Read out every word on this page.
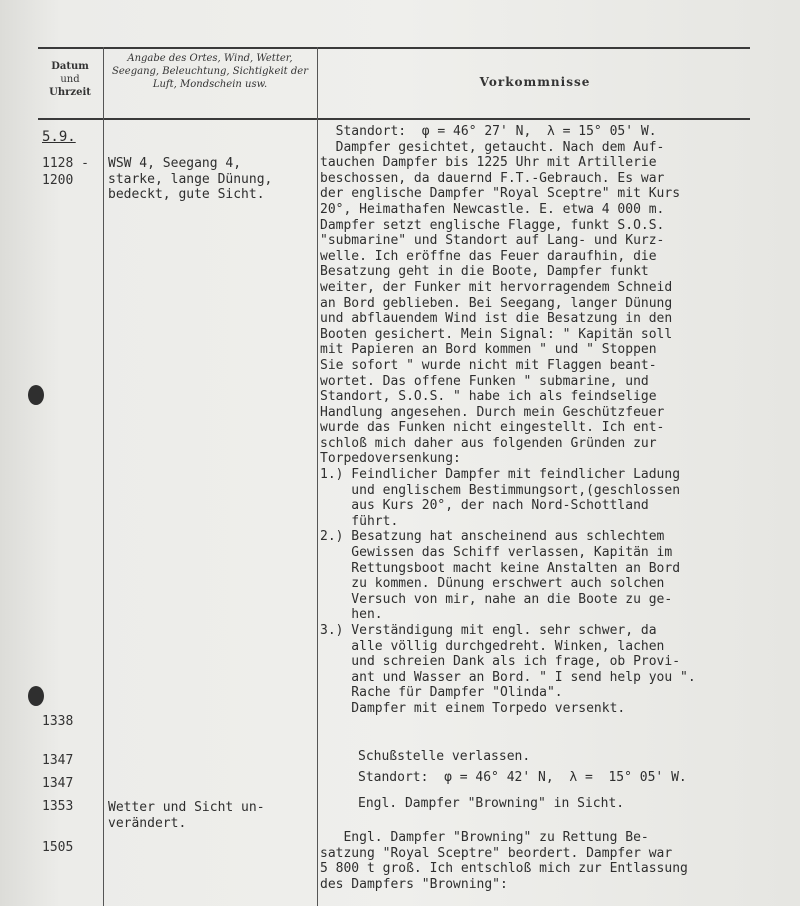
Datum
und
Uhrzeit
Angabe des Ortes, Wind, Wetter, Seegang, Beleuchtung, Sichtigkeit der Luft, Mondschein usw.	Vorkommnisse
5.9.
1128 -
1200
1338
1347
1347
1353
1505
WSW 4, Seegang 4,
starke, lange Dünung,
bedeckt, gute Sicht.
Wetter und Sicht un-
verändert.
Standort:  φ = 46° 27' N,  λ = 15° 05' W.
Dampfer gesichtet, getaucht. Nach dem Auf-
tauchen Dampfer bis 1225 Uhr mit Artillerie
beschossen, da dauernd F.T.-Gebrauch. Es war
der englische Dampfer "Royal Sceptre" mit Kurs
20°, Heimathafen Newcastle. E. etwa 4 000 m.
Dampfer setzt englische Flagge, funkt S.O.S.
"submarine" und Standort auf Lang- und Kurz-
welle. Ich eröffne das Feuer daraufhin, die
Besatzung geht in die Boote, Dampfer funkt
weiter, der Funker mit hervorragendem Schneid
an Bord geblieben. Bei Seegang, langer Dünung
und abflauendem Wind ist die Besatzung in den
Booten gesichert. Mein Signal: " Kapitän soll
mit Papieren an Bord kommen " und " Stoppen
Sie sofort " wurde nicht mit Flaggen beant-
wortet. Das offene Funken " submarine, und
Standort, S.O.S. " habe ich als feindselige
Handlung angesehen. Durch mein Geschützfeuer
wurde das Funken nicht eingestellt. Ich ent-
schloß mich daher aus folgenden Gründen zur
Torpedoversenkung:
1.) Feindlicher Dampfer mit feindlicher Ladung
und englischem Bestimmungsort,(geschlossen
aus Kurs 20°, der nach Nord-Schottland
führt.
2.) Besatzung hat anscheinend aus schlechtem
Gewissen das Schiff verlassen, Kapitän im
Rettungsboot macht keine Anstalten an Bord
zu kommen. Dünung erschwert auch solchen
Versuch von mir, nahe an die Boote zu ge-
hen.
3.) Verständigung mit engl. sehr schwer, da
alle völlig durchgedreht. Winken, lachen
und schreien Dank als ich frage, ob Provi-
ant und Wasser an Bord. " I send help you ".
Rache für Dampfer "Olinda".
Dampfer mit einem Torpedo versenkt.
Schußstelle verlassen.
Standort:  φ = 46° 42' N,  λ =  15° 05' W.
Engl. Dampfer "Browning" in Sicht.
Engl. Dampfer "Browning" zu Rettung Be-
satzung "Royal Sceptre" beordert. Dampfer war
5 800 t groß. Ich entschloß mich zur Entlassung
des Dampfers "Browning":
